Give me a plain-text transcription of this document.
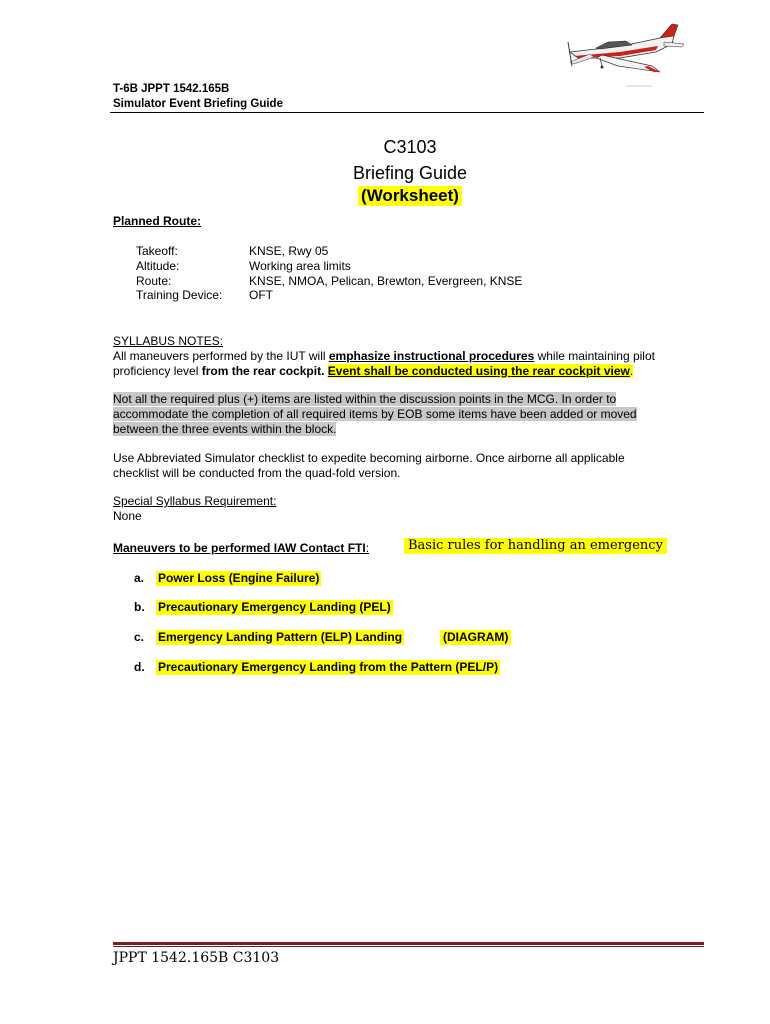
T-6B JPPT 1542.165B
Simulator Event Briefing Guide
C3103
Briefing Guide
(Worksheet)
Planned Route:
Takeoff:	KNSE, Rwy 05
Altitude:	Working area limits
Route:	KNSE, NMOA, Pelican, Brewton, Evergreen, KNSE
Training Device:	OFT
SYLLABUS NOTES:

All maneuvers performed by the IUT will emphasize instructional procedures while maintaining pilot proficiency level from the rear cockpit. Event shall be conducted using the rear cockpit view.

Not all the required plus (+) items are listed within the discussion points in the MCG. In order to accommodate the completion of all required items by EOB some items have been added or moved between the three events within the block.

Use Abbreviated Simulator checklist to expedite becoming airborne. Once airborne all applicable checklist will be conducted from the quad-fold version.

Special Syllabus Requirement:
None
Maneuvers to be performed IAW Contact FTI:	Basic rules for handling an emergency
a. Power Loss (Engine Failure)
b. Precautionary Emergency Landing (PEL)
c. Emergency Landing Pattern (ELP) Landing	(DIAGRAM)
d. Precautionary Emergency Landing from the Pattern (PEL/P)
JPPT 1542.165B C3103
